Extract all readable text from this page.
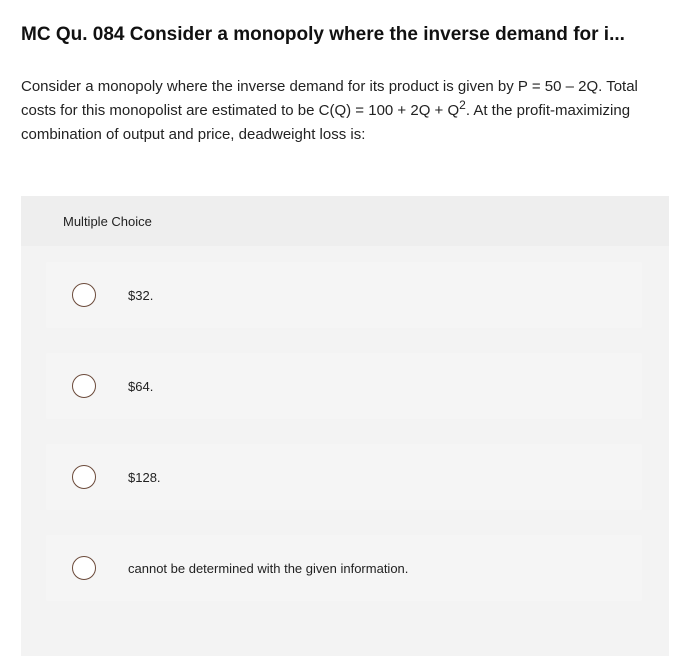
MC Qu. 084 Consider a monopoly where the inverse demand for i...
Consider a monopoly where the inverse demand for its product is given by P = 50 – 2Q. Total costs for this monopolist are estimated to be $C(Q) = 100 + 2Q + Q^2$. At the profit-maximizing combination of output and price, deadweight loss is:
Multiple Choice
$32.
$64.
$128.
cannot be determined with the given information.
